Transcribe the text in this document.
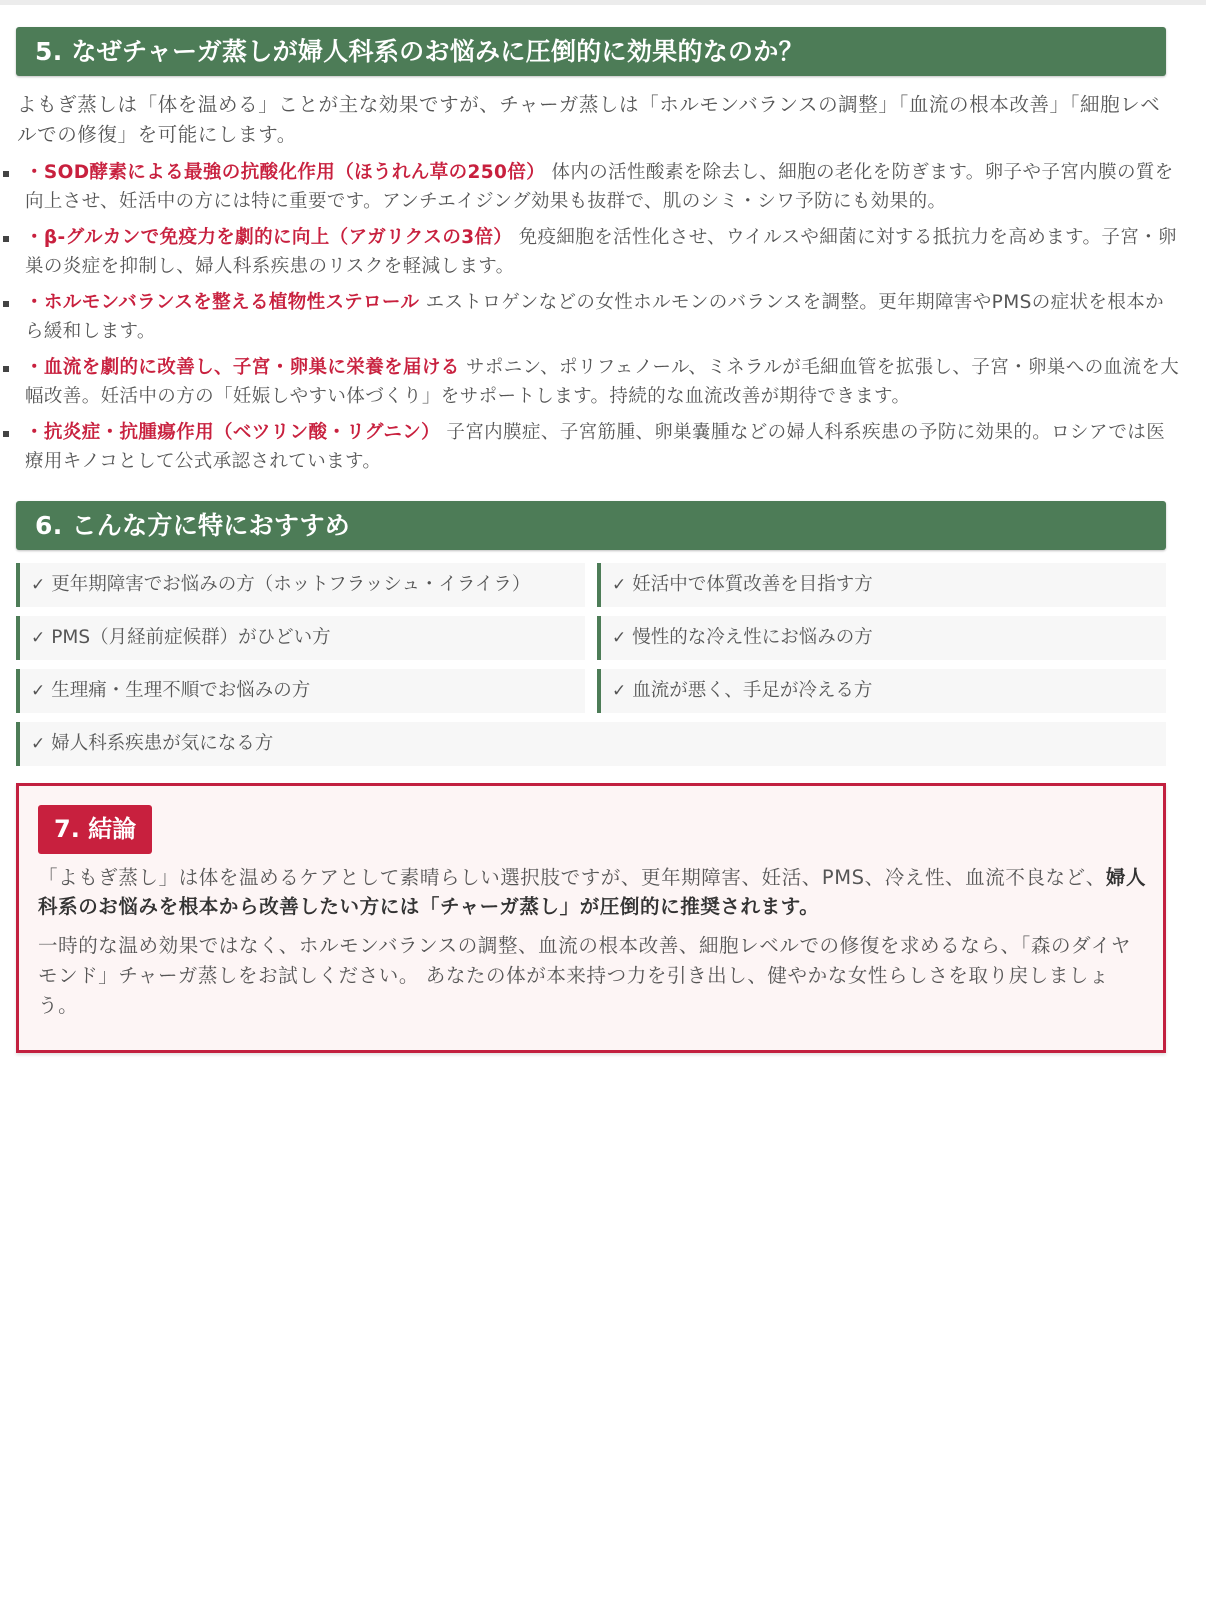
5. なぜチャーガ蒸しが婦人科系のお悩みに圧倒的に効果的なのか？
よもぎ蒸しは「体を温める」ことが主な効果ですが、チャーガ蒸しは「ホルモンバランスの調整」「血流の根本改善」「細胞レベルでの修復」を可能にします。
・SOD酵素による最強の抗酸化作用（ほうれん草の250倍） 体内の活性酸素を除去し、細胞の老化を防ぎます。卵子や子宮内膜の質を向上させ、妊活中の方には特に重要です。アンチエイジング効果も抜群で、肌のシミ・シワ予防にも効果的。
・β-グルカンで免疫力を劇的に向上（アガリクスの3倍） 免疫細胞を活性化させ、ウイルスや細菌に対する抵抗力を高めます。子宮・卵巣の炎症を抑制し、婦人科系疾患のリスクを軽減します。
・ホルモンバランスを整える植物性ステロール エストロゲンなどの女性ホルモンのバランスを調整。更年期障害やPMSの症状を根本から緩和します。
・血流を劇的に改善し、子宮・卵巣に栄養を届ける サポニン、ポリフェノール、ミネラルが毛細血管を拡張し、子宮・卵巣への血流を大幅改善。妊活中の方の「妊娠しやすい体づくり」をサポートします。持続的な血流改善が期待できます。
・抗炎症・抗腫瘍作用（ベツリン酸・リグニン） 子宮内膜症、子宮筋腫、卵巣嚢腫などの婦人科系疾患の予防に効果的。ロシアでは医療用キノコとして公式承認されています。
6. こんな方に特におすすめ
✓ 更年期障害でお悩みの方（ホットフラッシュ・イライラ）	✓ 妊活中で体質改善を目指す方
✓ PMS（月経前症候群）がひどい方	✓ 慢性的な冷え性にお悩みの方
✓ 生理痛・生理不順でお悩みの方	✓ 血流が悪く、手足が冷える方
✓ 婦人科系疾患が気になる方
7. 結論

「よもぎ蒸し」は体を温めるケアとして素晴らしい選択肢ですが、更年期障害、妊活、PMS、冷え性、血流不良など、婦人科系のお悩みを根本から改善したい方には「チャーガ蒸し」が圧倒的に推奨されます。

一時的な温め効果ではなく、ホルモンバランスの調整、血流の根本改善、細胞レベルでの修復を求めるなら、「森のダイヤモンド」チャーガ蒸しをお試しください。 あなたの体が本来持つ力を引き出し、健やかな女性らしさを取り戻しましょう。
